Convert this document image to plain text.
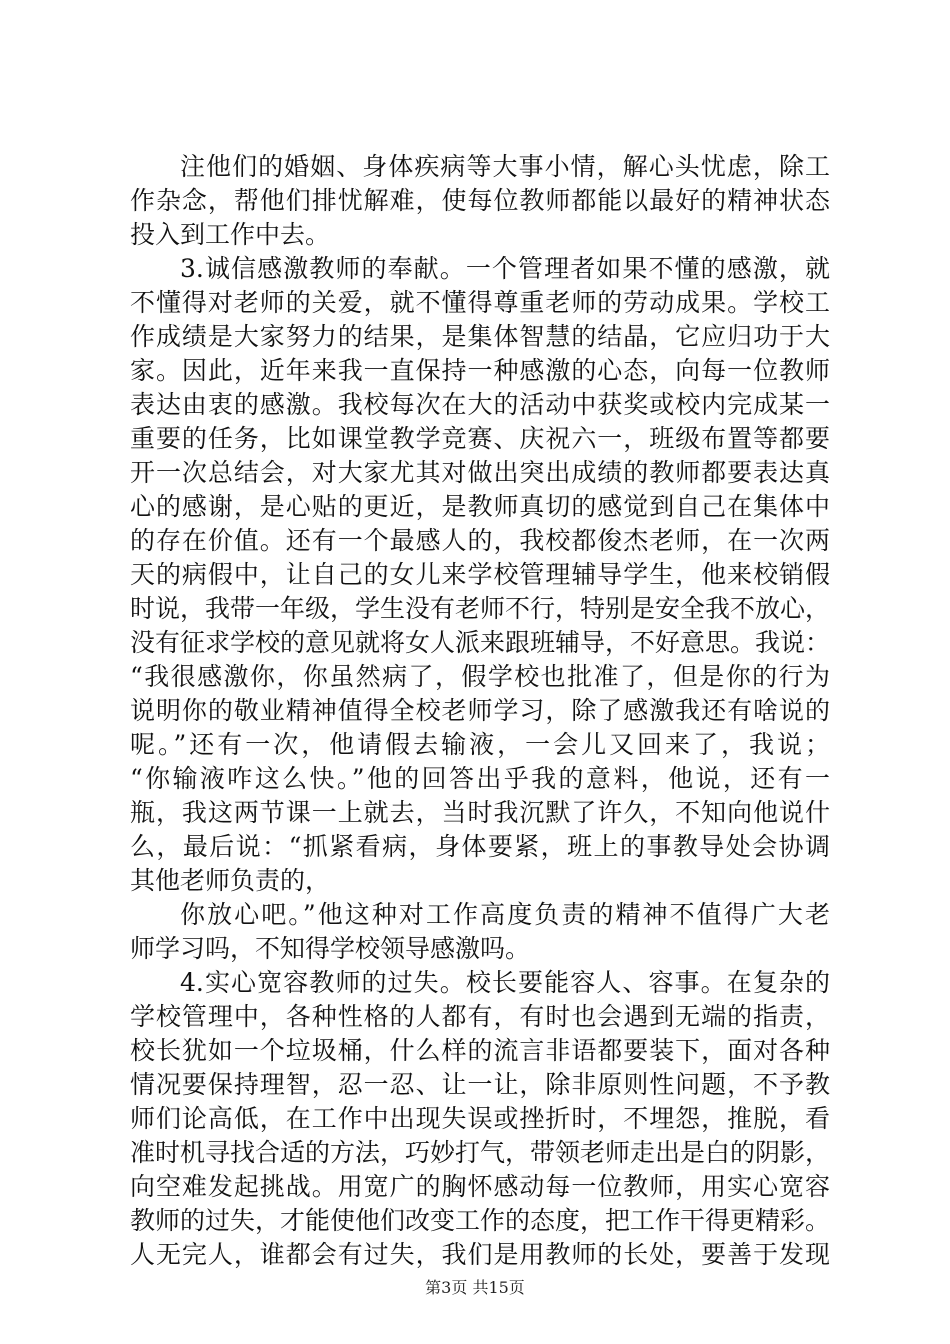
注他们的婚姻、身体疾病等大事小情，解心头忧虑，除工
作杂念，帮他们排忧解难，使每位教师都能以最好的精神状态
投入到工作中去。
3.诚信感激教师的奉献。一个管理者如果不懂的感激，就
不懂得对老师的关爱，就不懂得尊重老师的劳动成果。学校工
作成绩是大家努力的结果，是集体智慧的结晶，它应归功于大
家。因此，近年来我一直保持一种感激的心态，向每一位教师
表达由衷的感激。我校每次在大的活动中获奖或校内完成某一
重要的任务，比如课堂教学竞赛、庆祝六一，班级布置等都要
开一次总结会，对大家尤其对做出突出成绩的教师都要表达真
心的感谢，是心贴的更近，是教师真切的感觉到自己在集体中
的存在价值。还有一个最感人的，我校都俊杰老师，在一次两
天的病假中，让自己的女儿来学校管理辅导学生，他来校销假
时说，我带一年级，学生没有老师不行，特别是安全我不放心，
没有征求学校的意见就将女人派来跟班辅导，不好意思。我说：
“我很感激你，你虽然病了，假学校也批准了，但是你的行为
说明你的敬业精神值得全校老师学习，除了感激我还有啥说的
呢。”还有一次，他请假去输液，一会儿又回来了，我说；
“你输液咋这么快。”他的回答出乎我的意料，他说，还有一
瓶，我这两节课一上就去，当时我沉默了许久，不知向他说什
么，最后说：“抓紧看病，身体要紧，班上的事教导处会协调
其他老师负责的，
你放心吧。”他这种对工作高度负责的精神不值得广大老
师学习吗，不知得学校领导感激吗。
4.实心宽容教师的过失。校长要能容人、容事。在复杂的
学校管理中，各种性格的人都有，有时也会遇到无端的指责，
校长犹如一个垃圾桶，什么样的流言非语都要装下，面对各种
情况要保持理智，忍一忍、让一让，除非原则性问题，不予教
师们论高低，在工作中出现失误或挫折时，不埋怨，推脱，看
准时机寻找合适的方法，巧妙打气，带领老师走出是白的阴影，
向空难发起挑战。用宽广的胸怀感动每一位教师，用实心宽容
教师的过失，才能使他们改变工作的态度，把工作干得更精彩。
人无完人，谁都会有过失，我们是用教师的长处，要善于发现
第3页 共15页
